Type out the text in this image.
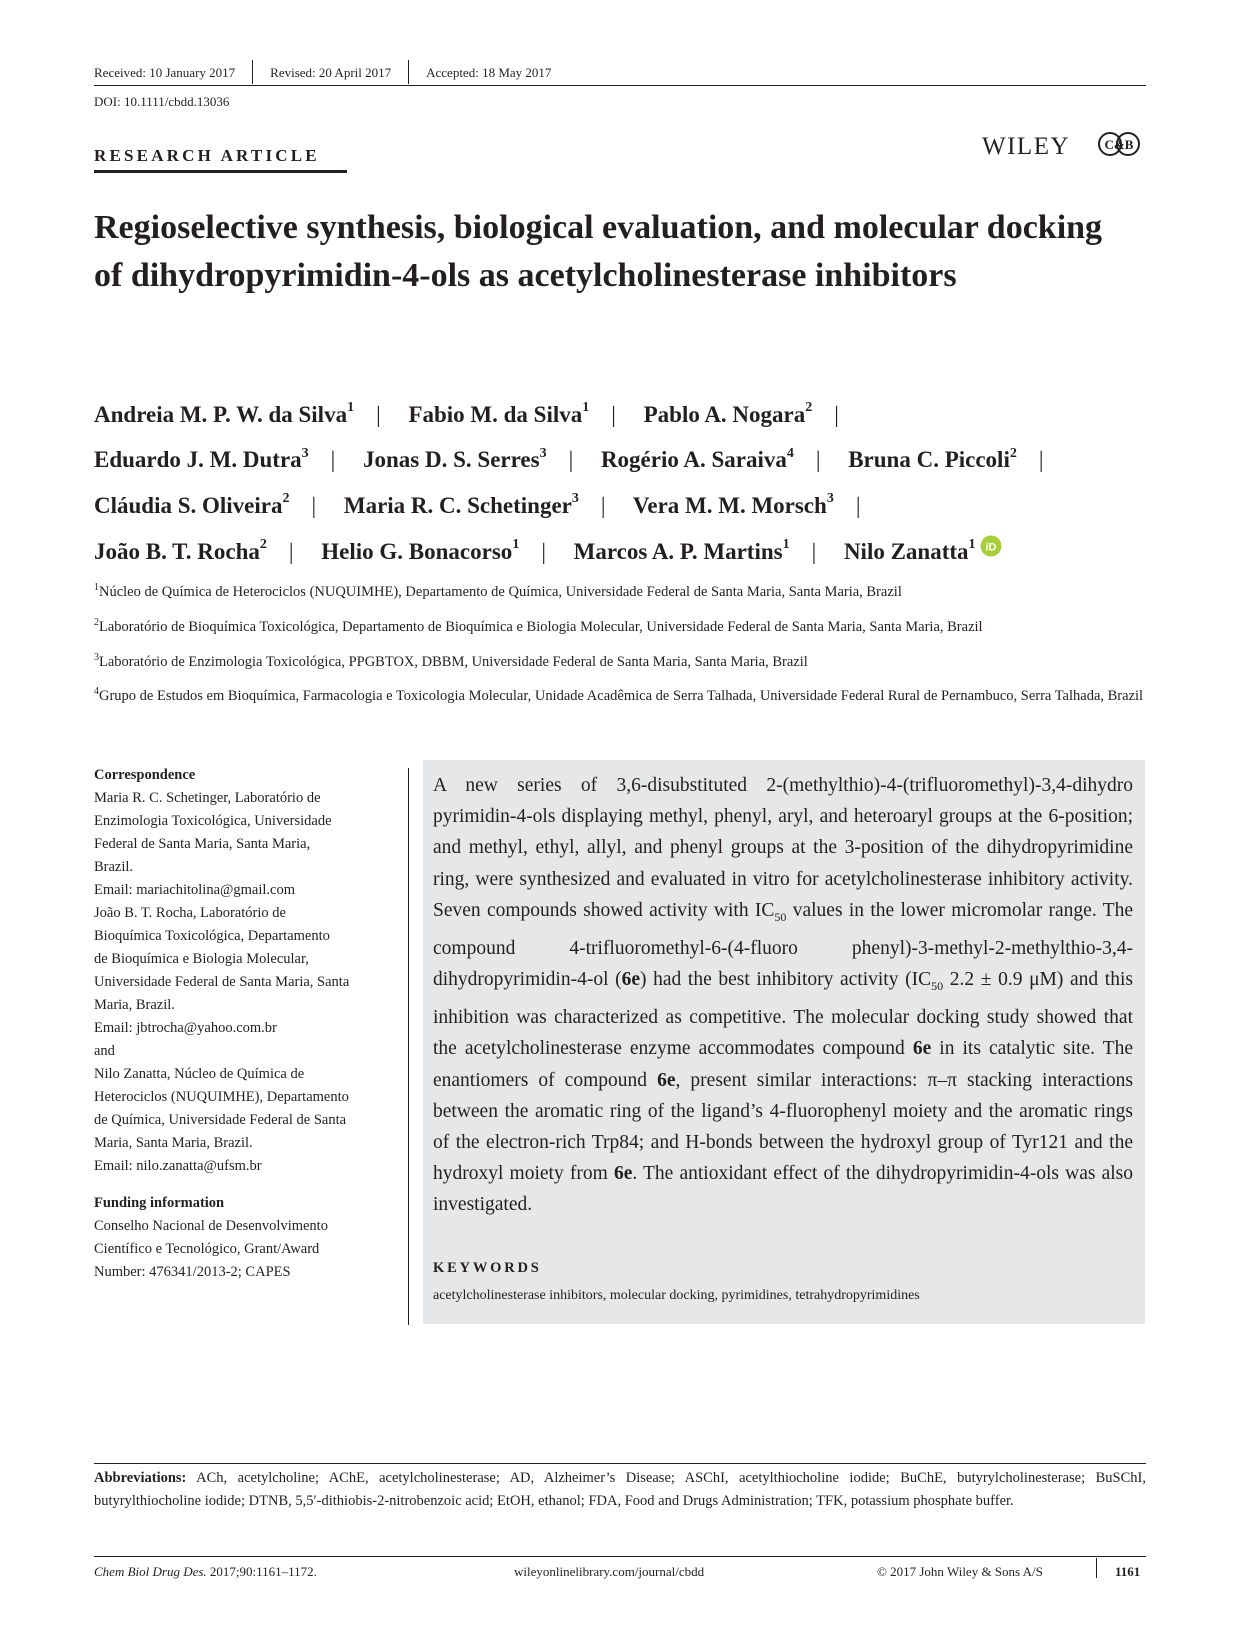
Received: 10 January 2017	Revised: 20 April 2017	Accepted: 18 May 2017
DOI: 10.1111/cbdd.13036
RESEARCH ARTICLE	WILEY	C&B
Regioselective synthesis, biological evaluation, and molecular docking of dihydropyrimidin-4-ols as acetylcholinesterase inhibitors
Andreia M. P. W. da Silva$^1$ | Fabio M. da Silva$^1$ | Pablo A. Nogara$^2$ |
Eduardo J. M. Dutra$^3$ | Jonas D. S. Serres$^3$ | Rogério A. Saraiva$^4$ | Bruna C. Piccoli$^2$ |
Cláudia S. Oliveira$^2$ | Maria R. C. Schetinger$^3$ | Vera M. M. Morsch$^3$ |
João B. T. Rocha$^2$ | Helio G. Bonacorso$^1$ | Marcos A. P. Martins$^1$ | Nilo Zanatta$^1$ iD

$^1$Núcleo de Química de Heterociclos (NUQUIMHE), Departamento de Química, Universidade Federal de Santa Maria, Santa Maria, Brazil

$^2$Laboratório de Bioquímica Toxicológica, Departamento de Bioquímica e Biologia Molecular, Universidade Federal de Santa Maria, Santa Maria, Brazil

$^3$Laboratório de Enzimologia Toxicológica, PPGBTOX, DBBM, Universidade Federal de Santa Maria, Santa Maria, Brazil

$^4$Grupo de Estudos em Bioquímica, Farmacologia e Toxicologia Molecular, Unidade Acadêmica de Serra Talhada, Universidade Federal Rural de Pernambuco, Serra Talhada, Brazil

Correspondence

Maria R. C. Schetinger, Laboratório de

Enzimologia Toxicológica, Universidade

Federal de Santa Maria, Santa Maria,

Brazil.

Email: mariachitolina@gmail.com

João B. T. Rocha, Laboratório de

Bioquímica Toxicológica, Departamento

de Bioquímica e Biologia Molecular,

Universidade Federal de Santa Maria, Santa

Maria, Brazil.

Email: jbtrocha@yahoo.com.br

and

Nilo Zanatta, Núcleo de Química de

Heterociclos (NUQUIMHE), Departamento

de Química, Universidade Federal de Santa

Maria, Santa Maria, Brazil.

Email: nilo.zanatta@ufsm.br

Funding information

Conselho Nacional de Desenvolvimento

Científico e Tecnológico, Grant/Award

Number: 476341/2013-2; CAPES

A new series of 3,6-disubstituted 2-(methylthio)-4-(trifluoromethyl)-3,4-dihydro pyrimidin-4-ols displaying methyl, phenyl, aryl, and heteroaryl groups at the 6-position; and methyl, ethyl, allyl, and phenyl groups at the 3-position of the dihydropyrimidine ring, were synthesized and evaluated in vitro for acetylcholinesterase inhibitory activity. Seven compounds showed activity with $IC_{50}$ values in the lower micromolar range. The compound 4-trifluoromethyl-6-(4-fluoro phenyl)-3-methyl-2-methylthio-3,4-dihydropyrimidin-4-ol (6e) had the best inhibitory activity ($IC_{50}$ 2.2 ± 0.9 μM) and this inhibition was characterized as competitive. The molecular docking study showed that the acetylcholinesterase enzyme accommodates compound 6e in its catalytic site. The enantiomers of compound 6e, present similar interactions: π–π stacking interactions between the aromatic ring of the ligand’s 4-fluorophenyl moiety and the aromatic rings of the electron-rich Trp84; and H-bonds between the hydroxyl group of Tyr121 and the hydroxyl moiety from 6e. The antioxidant effect of the dihydropyrimidin-4-ols was also investigated.

KEYWORDS
acetylcholinesterase inhibitors, molecular docking, pyrimidines, tetrahydropyrimidines
Abbreviations: ACh, acetylcholine; AChE, acetylcholinesterase; AD, Alzheimer’s Disease; ASChI, acetylthiocholine iodide; BuChE, butyrylcholinesterase; BuSChI, butyrylthiocholine iodide; DTNB, 5,5′-dithiobis-2-nitrobenzoic acid; EtOH, ethanol; FDA, Food and Drugs Administration; TFK, potassium phosphate buffer.
Chem Biol Drug Des. 2017;90:1161–1172.	wileyonlinelibrary.com/journal/cbdd	© 2017 John Wiley & Sons A/S	1161
